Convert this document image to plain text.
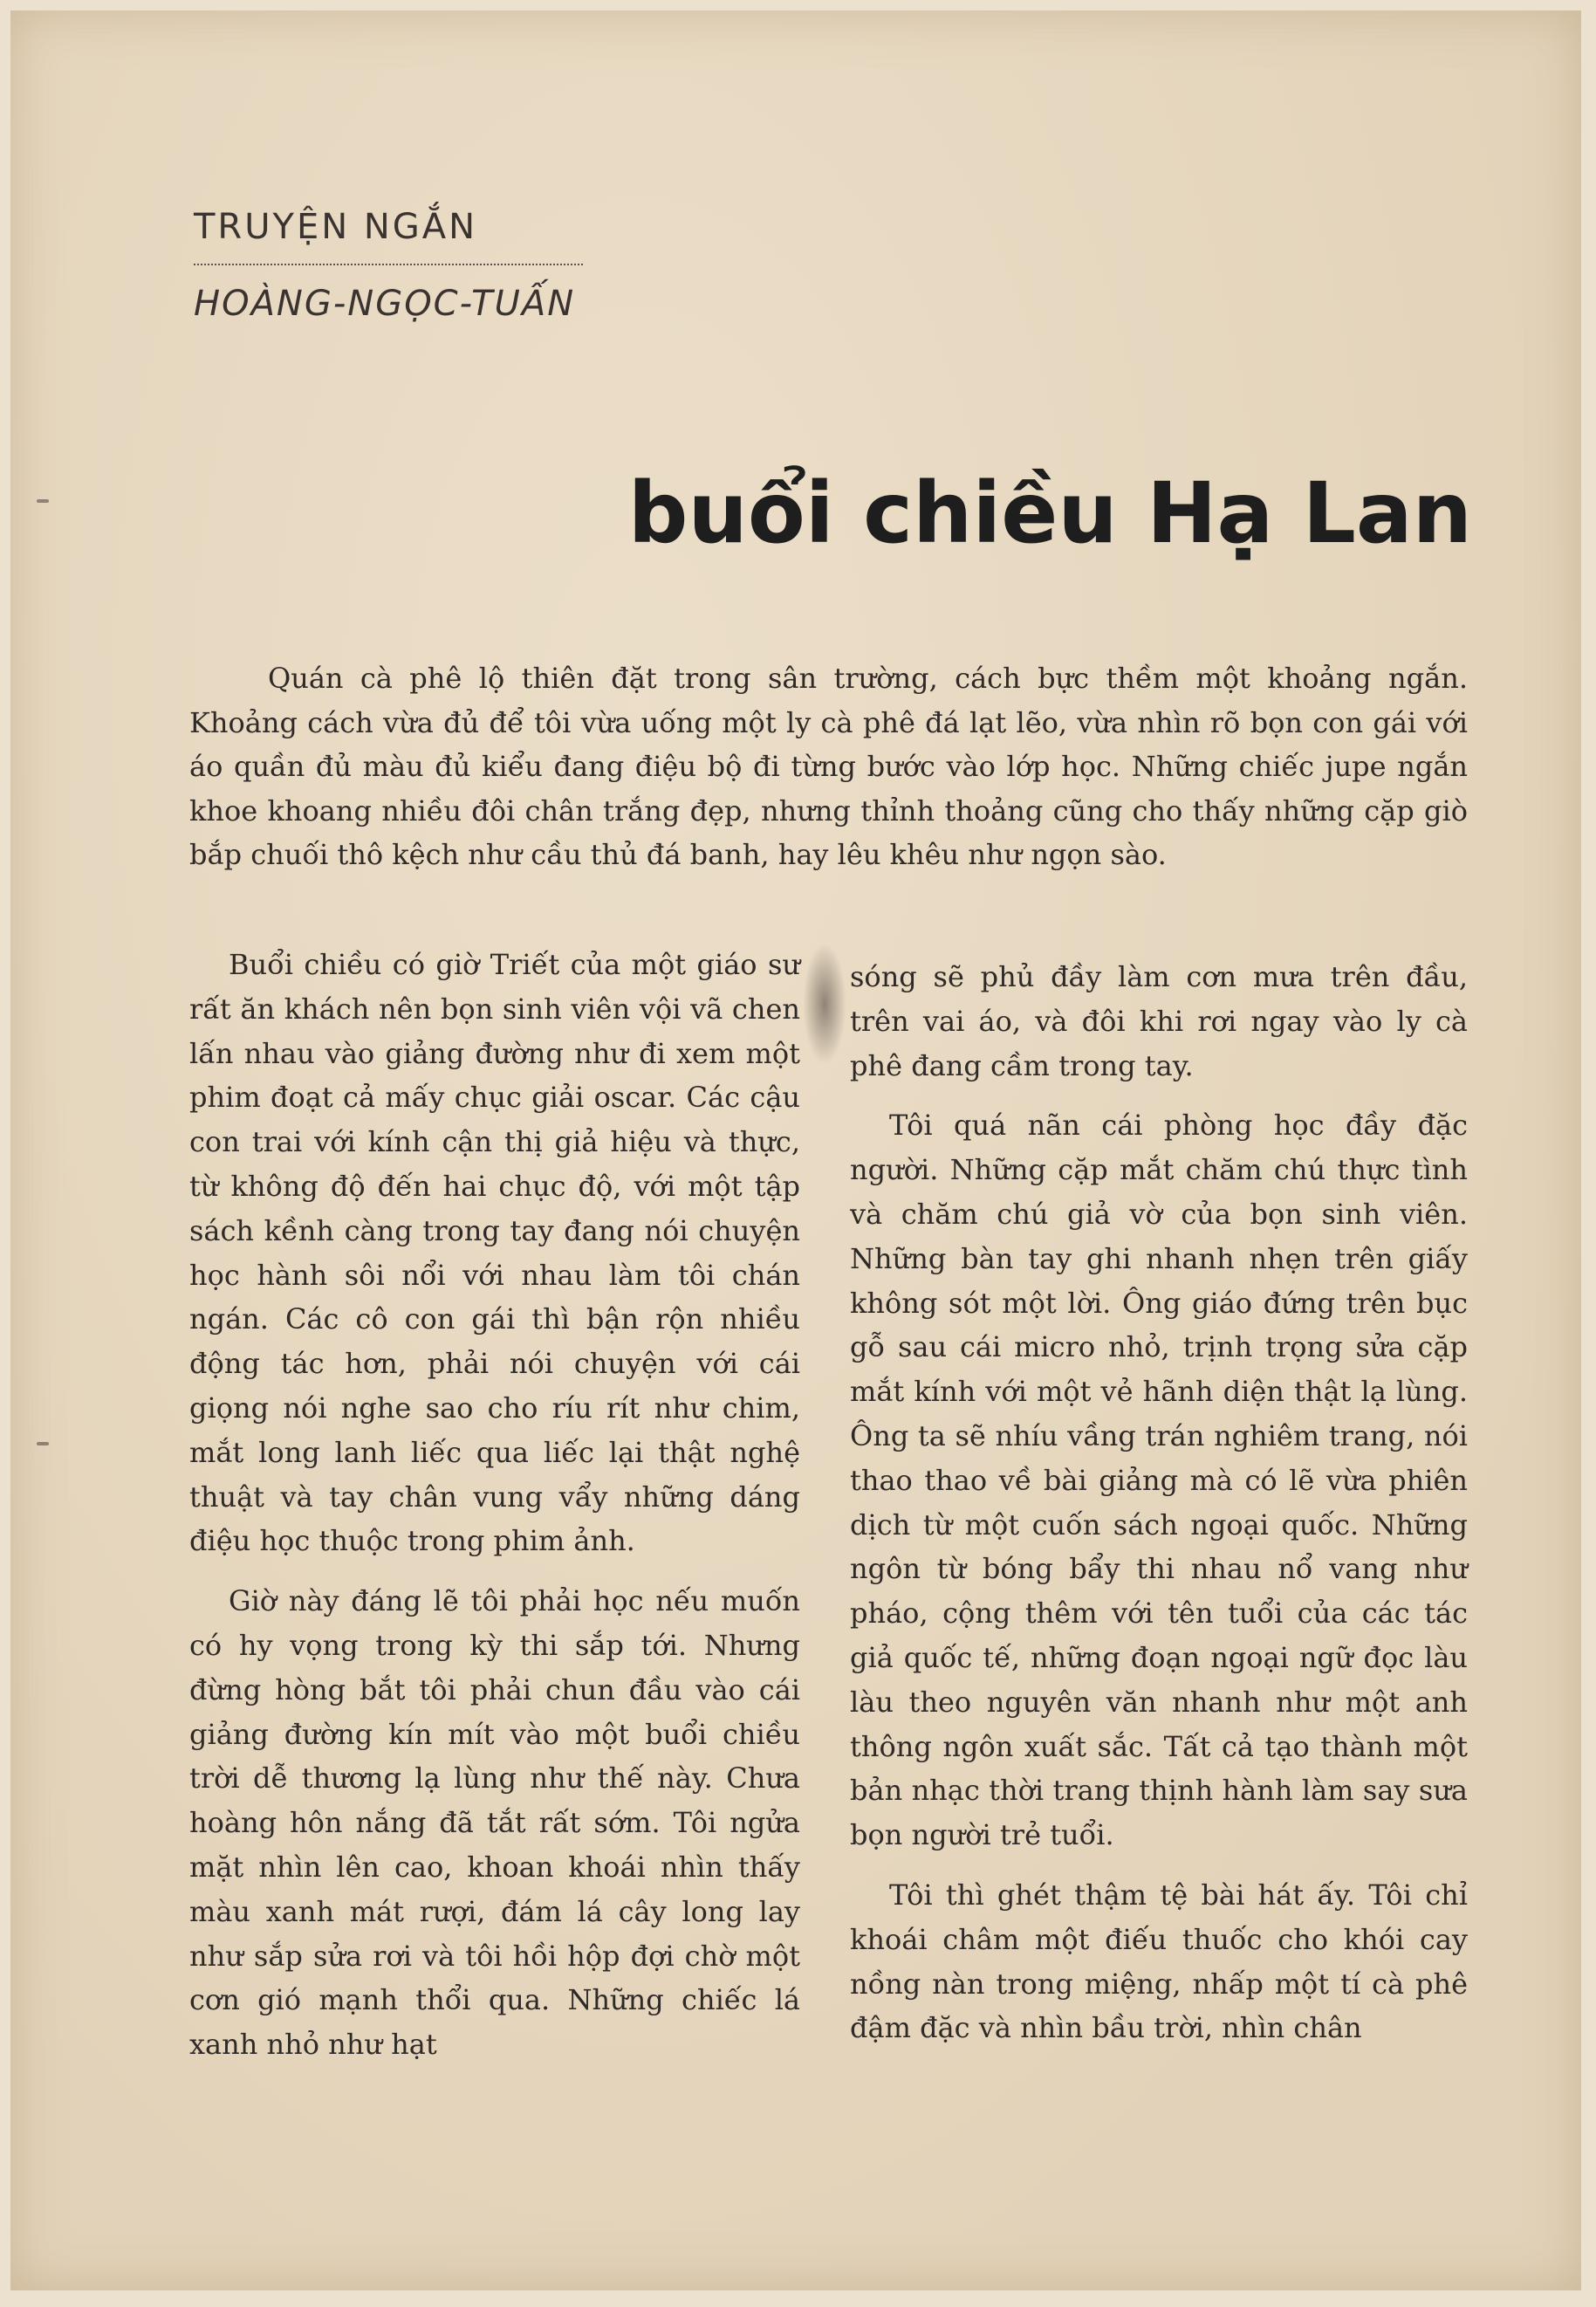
TRUYỆN NGẮN
HOÀNG-NGỌC-TUẤN
buổi chiều Hạ Lan

Quán cà phê lộ thiên đặt trong sân trường, cách bực thềm một khoảng ngắn. Khoảng cách vừa đủ để tôi vừa uống một ly cà phê đá lạt lẽo, vừa nhìn rõ bọn con gái với áo quần đủ màu đủ kiểu đang điệu bộ đi từng bước vào lớp học. Những chiếc jupe ngắn khoe khoang nhiều đôi chân trắng đẹp, nhưng thỉnh thoảng cũng cho thấy những cặp giò bắp chuối thô kệch như cầu thủ đá banh, hay lêu khêu như ngọn sào.

Buổi chiều có giờ Triết của một giáo sư rất ăn khách nên bọn sinh viên vội vã chen lấn nhau vào giảng đường như đi xem một phim đoạt cả mấy chục giải oscar. Các cậu con trai với kính cận thị giả hiệu và thực, từ không độ đến hai chục độ, với một tập sách kềnh càng trong tay đang nói chuyện học hành sôi nổi với nhau làm tôi chán ngán. Các cô con gái thì bận rộn nhiều động tác hơn, phải nói chuyện với cái giọng nói nghe sao cho ríu rít như chim, mắt long lanh liếc qua liếc lại thật nghệ thuật và tay chân vung vẩy những dáng điệu học thuộc trong phim ảnh.

Giờ này đáng lẽ tôi phải học nếu muốn có hy vọng trong kỳ thi sắp tới. Nhưng đừng hòng bắt tôi phải chun đầu vào cái giảng đường kín mít vào một buổi chiều trời dễ thương lạ lùng như thế này. Chưa hoàng hôn nắng đã tắt rất sớm. Tôi ngửa mặt nhìn lên cao, khoan khoái nhìn thấy màu xanh mát rượi, đám lá cây long lay như sắp sửa rơi và tôi hồi hộp đợi chờ một cơn gió mạnh thổi qua. Những chiếc lá xanh nhỏ như hạt

sóng sẽ phủ đầy làm cơn mưa trên đầu, trên vai áo, và đôi khi rơi ngay vào ly cà phê đang cầm trong tay.

Tôi quá nãn cái phòng học đầy đặc người. Những cặp mắt chăm chú thực tình và chăm chú giả vờ của bọn sinh viên. Những bàn tay ghi nhanh nhẹn trên giấy không sót một lời. Ông giáo đứng trên bục gỗ sau cái micro nhỏ, trịnh trọng sửa cặp mắt kính với một vẻ hãnh diện thật lạ lùng. Ông ta sẽ nhíu vầng trán nghiêm trang, nói thao thao về bài giảng mà có lẽ vừa phiên dịch từ một cuốn sách ngoại quốc. Những ngôn từ bóng bẩy thi nhau nổ vang như pháo, cộng thêm với tên tuổi của các tác giả quốc tế, những đoạn ngoại ngữ đọc làu làu theo nguyên văn nhanh như một anh thông ngôn xuất sắc. Tất cả tạo thành một bản nhạc thời trang thịnh hành làm say sưa bọn người trẻ tuổi.

Tôi thì ghét thậm tệ bài hát ấy. Tôi chỉ khoái châm một điếu thuốc cho khói cay nồng nàn trong miệng, nhấp một tí cà phê đậm đặc và nhìn bầu trời, nhìn chân
